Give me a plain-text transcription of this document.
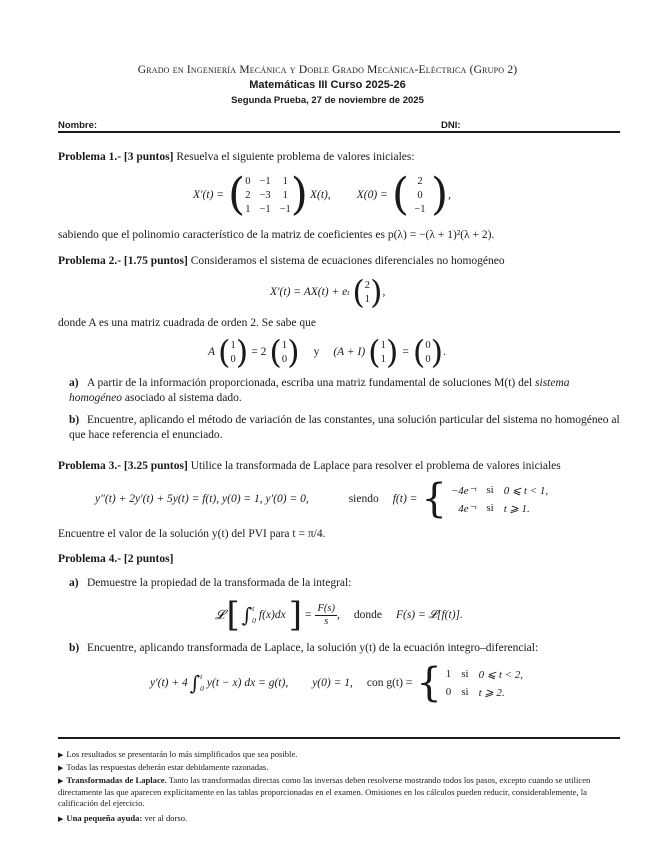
Grado en Ingeniería Mecánica y Doble Grado Mecánica-Eléctrica (Grupo 2)
Matemáticas III Curso 2025-26
Segunda Prueba, 27 de noviembre de 2025
Nombre:	DNI:
Problema 1.- [3 puntos] Resuelva el siguiente problema de valores iniciales:
X′(t) = ( 0 −1 1
2 −3 1
1 −1 −1 ) X(t), X(0) = ( 2
0
−1 ) ,
sabiendo que el polinomio característico de la matriz de coeficientes es p(λ) = −(λ + 1)²(λ + 2).
Problema 2.- [1.75 puntos] Consideramos el sistema de ecuaciones diferenciales no homogéneo
X′(t) = AX(t) + e t ( 2
1 ) ,
donde A es una matriz cuadrada de orden 2. Se sabe que
A ( 1
0 ) = 2 ( 1
0 ) y (A + I) ( 1
1 ) = ( 0
0 ) .
a) A partir de la información proporcionada, escriba una matriz fundamental de soluciones M(t) del sistema homogéneo asociado al sistema dado.
b) Encuentre, aplicando el método de variación de las constantes, una solución particular del sistema no homogéneo al que hace referencia el enunciado.
Problema 3.- [3.25 puntos] Utilice la transformada de Laplace para resolver el problema de valores iniciales
y″(t) + 2y′(t) + 5y(t) = f(t), y(0) = 1, y′(0) = 0,	siendo f(t) = { −4e⁻ᵗ si 0 ⩽ t < 1,
4e⁻ᵗ si t ⩾ 1.
Encuentre el valor de la solución y(t) del PVI para t = π/4.
Problema 4.- [2 puntos]
a) Demuestre la propiedad de la transformada de la integral:
𝓛 [ ∫ t
0 f(x)dx ] = $\frac{F(s)}{s}$ , donde F(s) = 𝓛[f(t)].
b) Encuentre, aplicando transformada de Laplace, la solución y(t) de la ecuación integro–diferencial:
y′(t) + 4 ∫ t
0 y(t − x) dx = g(t), y(0) = 1, con g(t) = { 1 si 0 ⩽ t < 2,
0 si t ⩾ 2.
▶ Los resultados se presentarán lo más simplificados que sea posible.
▶ Todas las respuestas deberán estar debidamente razonadas.
▶ Transformadas de Laplace. Tanto las transformadas directas como las inversas deben resolverse mostrando todos los pasos, excepto cuando se utilicen directamente las que aparecen explícitamente en las tablas proporcionadas en el examen. Omisiones en los cálculos pueden reducir, considerablemente, la calificación del ejercicio.
▶ Una pequeña ayuda: ver al dorso.
